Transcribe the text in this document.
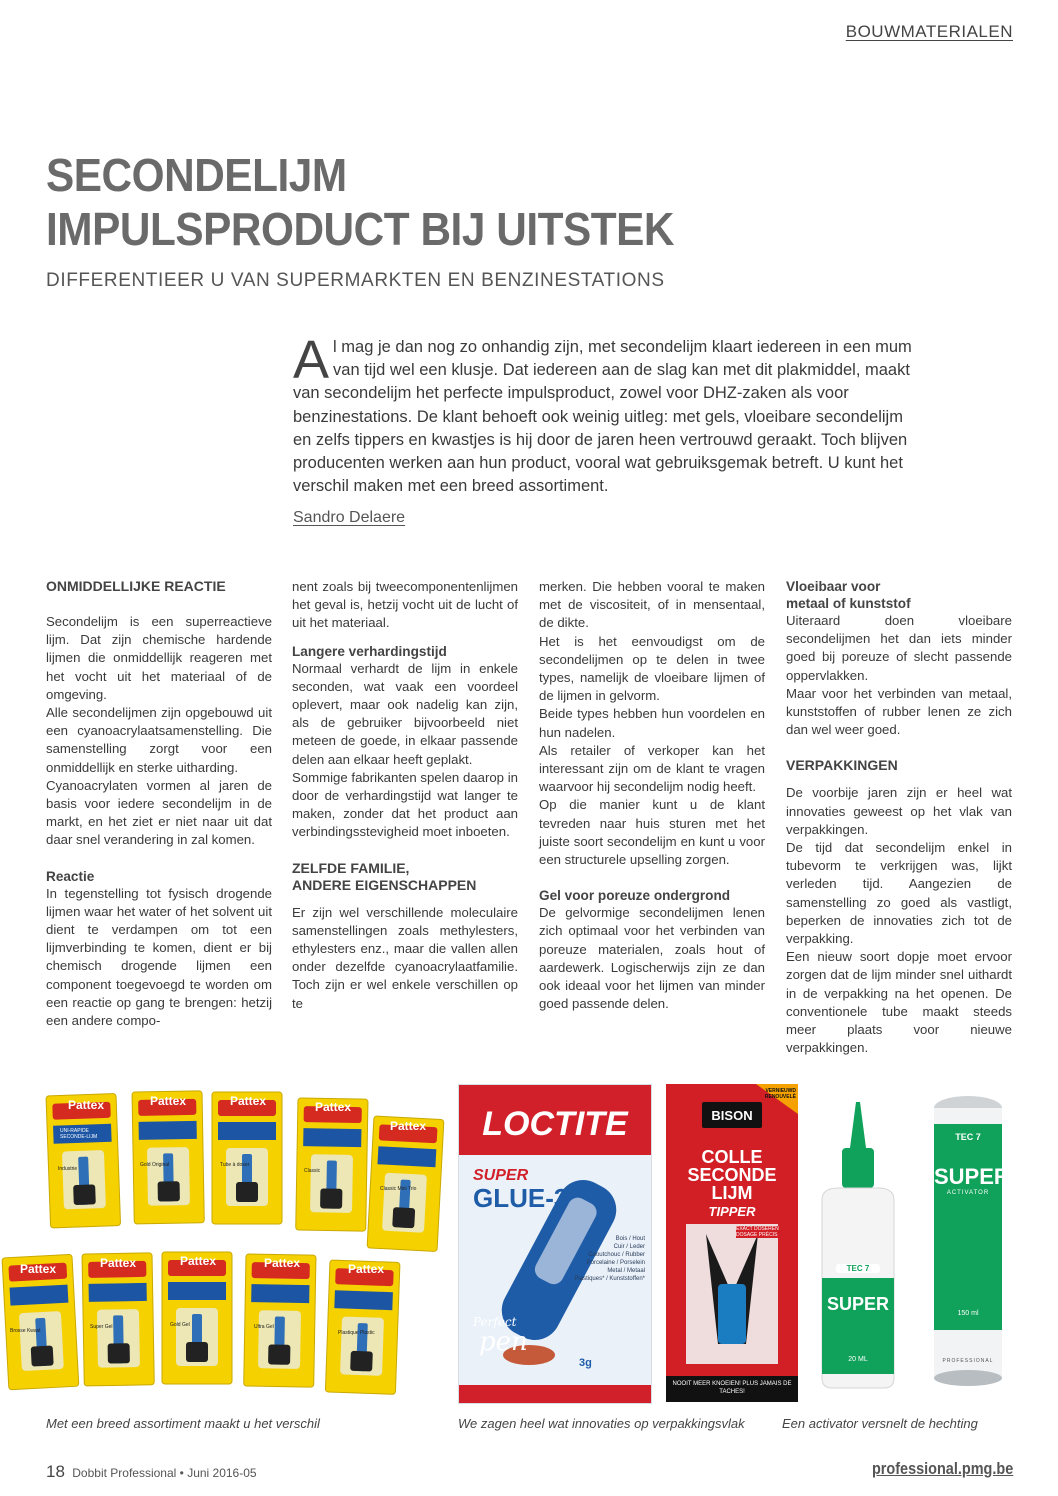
BOUWMATERIALEN
SECONDELIJM
IMPULSPRODUCT BIJ UITSTEK
DIFFERENTIEER U VAN SUPERMARKTEN EN BENZINESTATIONS
Al mag je dan nog zo onhandig zijn, met secondelijm klaart iedereen in een mum van tijd wel een klusje. Dat iedereen aan de slag kan met dit plakmiddel, maakt van secondelijm het perfecte impulsproduct, zowel voor DHZ-zaken als voor benzinestations. De klant behoeft ook weinig uitleg: met gels, vloeibare secondelijm en zelfs tippers en kwastjes is hij door de jaren heen vertrouwd geraakt. Toch blijven producenten werken aan hun product, vooral wat gebruiksgemak betreft. U kunt het verschil maken met een breed assortiment.
Sandro Delaere
ONMIDDELLIJKE REACTIE

Secondelijm is een superreactieve lijm. Dat zijn chemische hardende lijmen die onmiddellijk reageren met het vocht uit het materiaal of de omgeving.

Alle secondelijmen zijn opgebouwd uit een cyanoacrylaatsamenstelling. Die samenstelling zorgt voor een onmiddellijk en sterke uitharding.

Cyanoacrylaten vormen al jaren de basis voor iedere secondelijm in de markt, en het ziet er niet naar uit dat daar snel verandering in zal komen.

Reactie

In tegenstelling tot fysisch drogende lijmen waar het water of het solvent uit dient te verdampen om tot een lijmverbinding te komen, dient er bij chemisch drogende lijmen een component toegevoegd te worden om een reactie op gang te brengen: hetzij een andere compo-

nent zoals bij tweecomponentenlijmen het geval is, hetzij vocht uit de lucht of uit het materiaal.

Langere verhardingstijd

Normaal verhardt de lijm in enkele seconden, wat vaak een voordeel oplevert, maar ook nadelig kan zijn, als de gebruiker bijvoorbeeld niet meteen de goede, in elkaar passende delen aan elkaar heeft geplakt.

Sommige fabrikanten spelen daarop in door de verhardingstijd wat langer te maken, zonder dat het product aan verbindingsstevigheid moet inboeten.

ZELFDE FAMILIE,
ANDERE EIGENSCHAPPEN

Er zijn wel verschillende moleculaire samenstellingen zoals methylesters, ethylesters enz., maar die vallen allen onder dezelfde cyanoacrylaatfamilie. Toch zijn er wel enkele verschillen op te

merken. Die hebben vooral te maken met de viscositeit, of in mensentaal, de dikte.

Het is het eenvoudigst om de secondelijmen op te delen in twee types, namelijk de vloeibare lijmen of de lijmen in gelvorm.

Beide types hebben hun voordelen en hun nadelen.

Als retailer of verkoper kan het interessant zijn om de klant te vragen waarvoor hij secondelijm nodig heeft.

Op die manier kunt u de klant tevreden naar huis sturen met het juiste soort secondelijm en kunt u voor een structurele upselling zorgen.

Gel voor poreuze ondergrond

De gelvormige secondelijmen lenen zich optimaal voor het verbinden van poreuze materialen, zoals hout of aardewerk. Logischerwijs zijn ze dan ook ideaal voor het lijmen van minder goed passende delen.

Vloeibaar voor
metaal of kunststof

Uiteraard doen vloeibare secondelijmen het dan iets minder goed bij poreuze of slecht passende oppervlakken.

Maar voor het verbinden van metaal, kunststoffen of rubber lenen ze zich dan wel weer goed.

VERPAKKINGEN

De voorbije jaren zijn er heel wat innovaties geweest op het vlak van verpakkingen.

De tijd dat secondelijm enkel in tubevorm te verkrijgen was, lijkt verleden tijd. Aangezien de samenstelling zo goed als vastligt, beperken de innovaties zich tot de verpakking.

Een nieuw soort dopje moet ervoor zorgen dat de lijm minder snel uithardt in de verpakking na het openen. De conventionele tube maakt steeds meer plaats voor nieuwe verpakkingen.

Pattex	Pattex	Pattex	Pattex
Pattex
Pattex	Pattex	Pattex	Pattex	Pattex
UNI-RAPIDE SECONDE-LIJM
Industrie
Gold Original	Tube à doser
Classic
Classic Mini Trio
Brosse Kwast
Super Gel	Gold Gel	Ultra Gel
Plastique Plastic
LOCTITE
SUPER
GLUE-3
Bois / Hout
Cuir / Leder
Caoutchouc / Rubber
Porcelaine / Porselein
Metal / Metaal
Plastiques* / Kunststoffen*
Perfect
pen
3g
VERNIEUWD RENOUVELÉ
BISON
COLLE
SECONDE
LIJM
TIPPER
EXACT DOSEREN DOSAGE PRÉCIS
NOOIT MEER KNOEIEN! PLUS JAMAIS DE TACHES!
TEC 7
SUPER
20 ML
TEC 7
SUPER
ACTIVATOR
150 ml
PROFESSIONAL
Met een breed assortiment maakt u het verschil	We zagen heel wat innovaties op verpakkingsvlak	Een activator versnelt de hechting
18 Dobbit Professional • Juni 2016-05	professional.pmg.be
